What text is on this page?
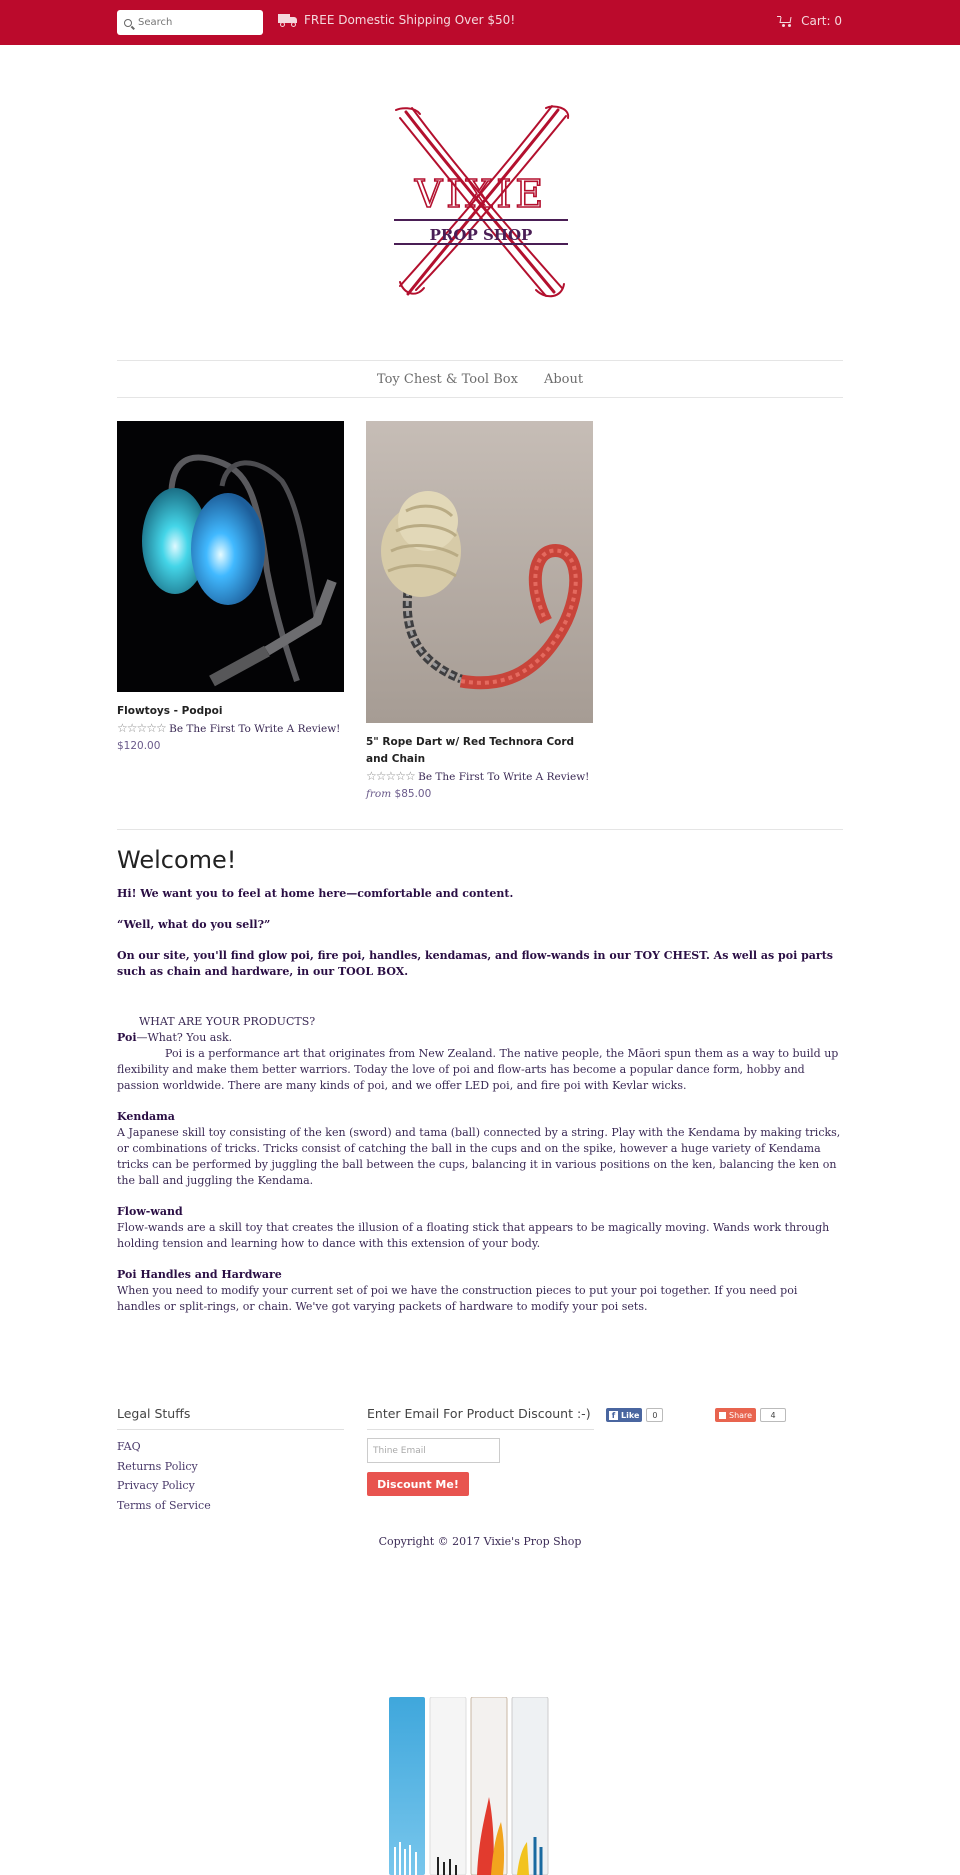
Search
FREE Domestic Shipping Over $50!	Cart: 0
VIXIE
PROP SHOP
Toy Chest & Tool Box About
Flowtoys - Podpoi
☆☆☆☆☆ Be The First To Write A Review!
$120.00	5" Rope Dart w/ Red Technora Cord and Chain
☆☆☆☆☆ Be The First To Write A Review!
from $85.00
Welcome!

Hi! We want you to feel at home here—comfortable and content.

“Well, what do you sell?”

On our site, you'll find glow poi, fire poi, handles, kendamas, and flow-wands in our TOY CHEST. As well as poi parts such as chain and hardware, in our TOOL BOX.

WHAT ARE YOUR PRODUCTS?
Poi—What? You ask.
Poi is a performance art that originates from New Zealand. The native people, the Māori spun them as a way to build up flexibility and make them better warriors. Today the love of poi and flow-arts has become a popular dance form, hobby and passion worldwide. There are many kinds of poi, and we offer LED poi, and fire poi with Kevlar wicks.
Kendama
A Japanese skill toy consisting of the ken (sword) and tama (ball) connected by a string. Play with the Kendama by making tricks, or combinations of tricks. Tricks consist of catching the ball in the cups and on the spike, however a huge variety of Kendama tricks can be performed by juggling the ball between the cups, balancing it in various positions on the ken, balancing the ken on the ball and juggling the Kendama.
Flow-wand
Flow-wands are a skill toy that creates the illusion of a floating stick that appears to be magically moving. Wands work through holding tension and learning how to dance with this extension of your body.
Poi Handles and Hardware
When you need to modify your current set of poi we have the construction pieces to put your poi together. If you need poi handles or split-rings, or chain. We've got varying packets of hardware to modify your poi sets.
Legal Stuffs
FAQ
Returns Policy
Privacy Policy
Terms of Service
Enter Email For Product Discount :-)
Thine Email
Discount Me!
f Like	0	Share	4
Copyright © 2017 Vixie's Prop Shop
